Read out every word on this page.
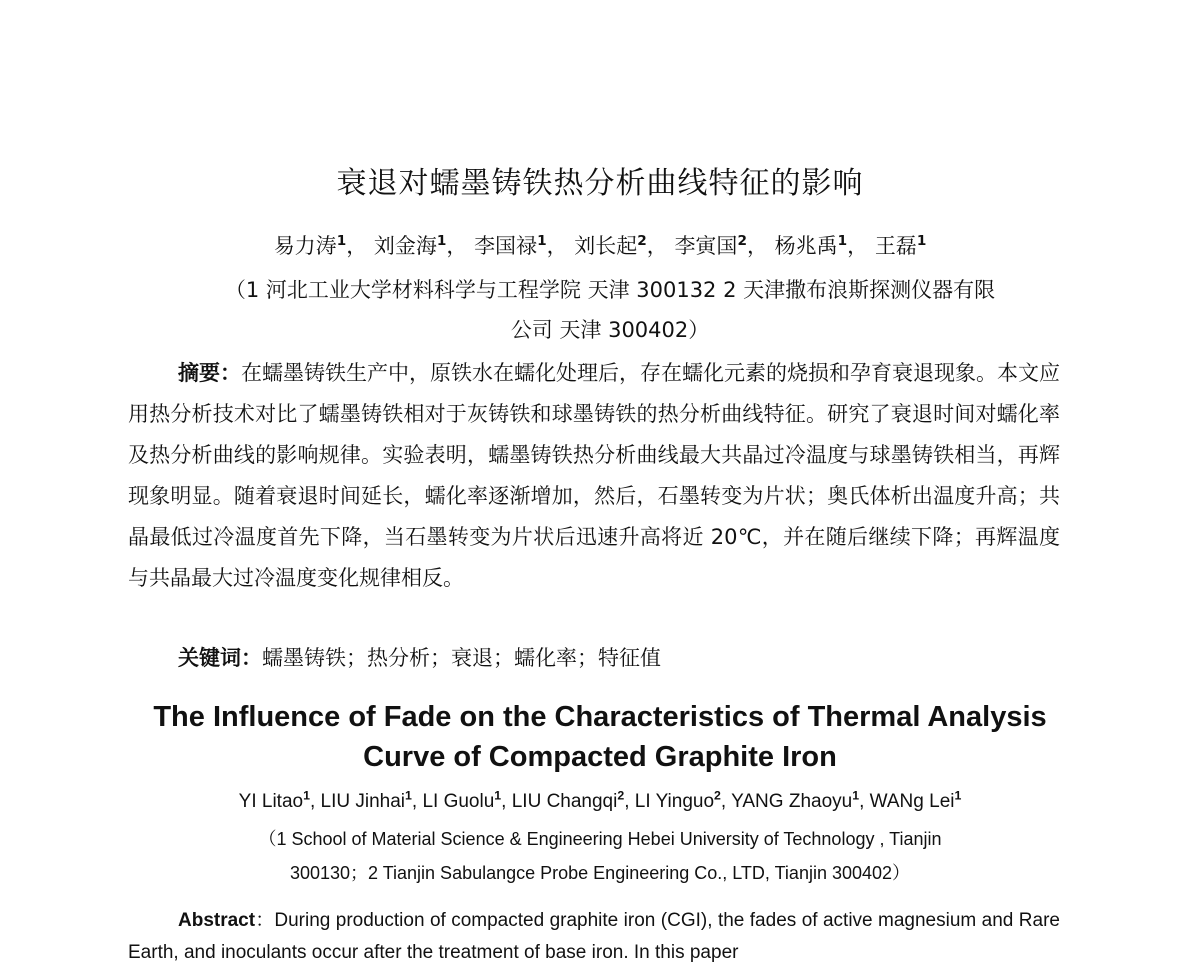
衰退对蠕墨铸铁热分析曲线特征的影响

易力涛$^1$， 刘金海$^1$， 李国禄$^1$， 刘长起$^2$， 李寅国$^2$， 杨兆禹$^1$， 王磊$^1$

（1 河北工业大学材料科学与工程学院 天津 300132 2 天津撒布浪斯探测仪器有限
公司 天津 300402）

摘要：在蠕墨铸铁生产中，原铁水在蠕化处理后，存在蠕化元素的烧损和孕育衰退现象。本文应用热分析技术对比了蠕墨铸铁相对于灰铸铁和球墨铸铁的热分析曲线特征。研究了衰退时间对蠕化率及热分析曲线的影响规律。实验表明，蠕墨铸铁热分析曲线最大共晶过冷温度与球墨铸铁相当，再辉现象明显。随着衰退时间延长，蠕化率逐渐增加，然后，石墨转变为片状；奥氏体析出温度升高；共晶最低过冷温度首先下降，当石墨转变为片状后迅速升高将近 20℃，并在随后继续下降；再辉温度与共晶最大过冷温度变化规律相反。

关键词：蠕墨铸铁；热分析；衰退；蠕化率；特征值

The Influence of Fade on the Characteristics of Thermal Analysis
Curve of Compacted Graphite Iron

YI Litao$^1$, LIU Jinhai$^1$, LI Guolu$^1$, LIU Changqi$^2$, LI Yinguo$^2$, YANG Zhaoyu$^1$, WANg Lei$^1$

（1 School of Material Science & Engineering Hebei University of Technology , Tianjin
300130；2 Tianjin Sabulangce Probe Engineering Co., LTD, Tianjin 300402）

Abstract：During production of compacted graphite iron (CGI), the fades of active magnesium and Rare Earth, and inoculants occur after the treatment of base iron. In this paper
